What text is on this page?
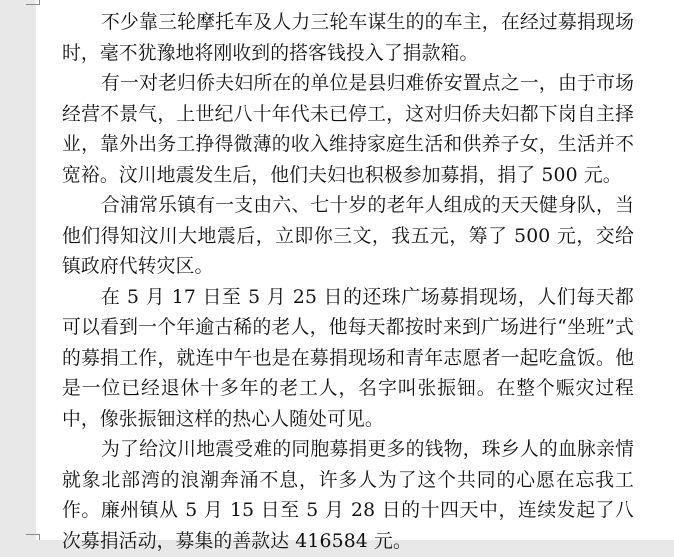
不少靠三轮摩托车及人力三轮车谋生的的车主，在经过募捐现场时，毫不犹豫地将刚收到的搭客钱投入了捐款箱。

有一对老归侨夫妇所在的单位是县归难侨安置点之一，由于市场经营不景气，上世纪八十年代未已停工，这对归侨夫妇都下岗自主择业，靠外出务工挣得微薄的收入维持家庭生活和供养子女，生活并不宽裕。汶川地震发生后，他们夫妇也积极参加募捐，捐了 500 元。

合浦常乐镇有一支由六、七十岁的老年人组成的天天健身队，当他们得知汶川大地震后，立即你三文，我五元，筹了 500 元，交给镇政府代转灾区。

在 5 月 17 日至 5 月 25 日的还珠广场募捐现场，人们每天都可以看到一个年逾古稀的老人，他每天都按时来到广场进行“坐班”式的募捐工作，就连中午也是在募捐现场和青年志愿者一起吃盒饭。他是一位已经退休十多年的老工人，名字叫张振钿。在整个赈灾过程中，像张振钿这样的热心人随处可见。

为了给汶川地震受难的同胞募捐更多的钱物，珠乡人的血脉亲情就象北部湾的浪潮奔涌不息，许多人为了这个共同的心愿在忘我工作。廉州镇从 5 月 15 日至 5 月 28 日的十四天中，连续发起了八次募捐活动，募集的善款达 416584 元。
